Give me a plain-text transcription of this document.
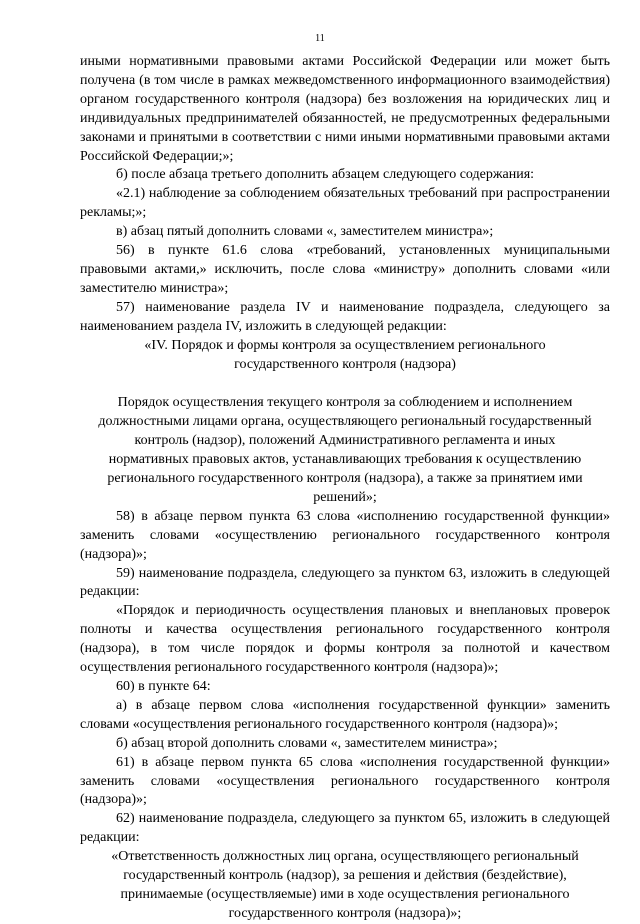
11

иными нормативными правовыми актами Российской Федерации или может быть получена (в том числе в рамках межведомственного информационного взаимодействия) органом государственного контроля (надзора) без возложения на юридических лиц и индивидуальных предпринимателей обязанностей, не предусмотренных федеральными законами и принятыми в соответствии с ними иными нормативными правовыми актами Российской Федерации;»;

б) после абзаца третьего дополнить абзацем следующего содержания:

«2.1) наблюдение за соблюдением обязательных требований при распространении рекламы;»;

в) абзац пятый дополнить словами «, заместителем министра»;

56) в пункте 61.6 слова «требований, установленных муниципальными правовыми актами,» исключить, после слова «министру» дополнить словами «или заместителю министра»;

57) наименование раздела IV и наименование подраздела, следующего за наименованием раздела IV, изложить в следующей редакции:

«IV. Порядок и формы контроля за осуществлением регионального государственного контроля (надзора)

Порядок осуществления текущего контроля за соблюдением и исполнением должностными лицами органа, осуществляющего региональный государственный контроль (надзор), положений Административного регламента и иных нормативных правовых актов, устанавливающих требования к осуществлению регионального государственного контроля (надзора), а также за принятием ими решений»;

58) в абзаце первом пункта 63 слова «исполнению государственной функции» заменить словами «осуществлению регионального государственного контроля (надзора)»;

59) наименование подраздела, следующего за пунктом 63, изложить в следующей редакции:

«Порядок и периодичность осуществления плановых и внеплановых проверок полноты и качества осуществления регионального государственного контроля (надзора), в том числе порядок и формы контроля за полнотой и качеством осуществления регионального государственного контроля (надзора)»;

60) в пункте 64:

а) в абзаце первом слова «исполнения государственной функции» заменить словами «осуществления регионального государственного контроля (надзора)»;

б) абзац второй дополнить словами «, заместителем министра»;

61) в абзаце первом пункта 65 слова «исполнения государственной функции» заменить словами «осуществления регионального государственного контроля (надзора)»;

62) наименование подраздела, следующего за пунктом 65, изложить в следующей редакции:

«Ответственность должностных лиц органа, осуществляющего региональный государственный контроль (надзор), за решения и действия (бездействие), принимаемые (осуществляемые) ими в ходе осуществления регионального государственного контроля (надзора)»;
